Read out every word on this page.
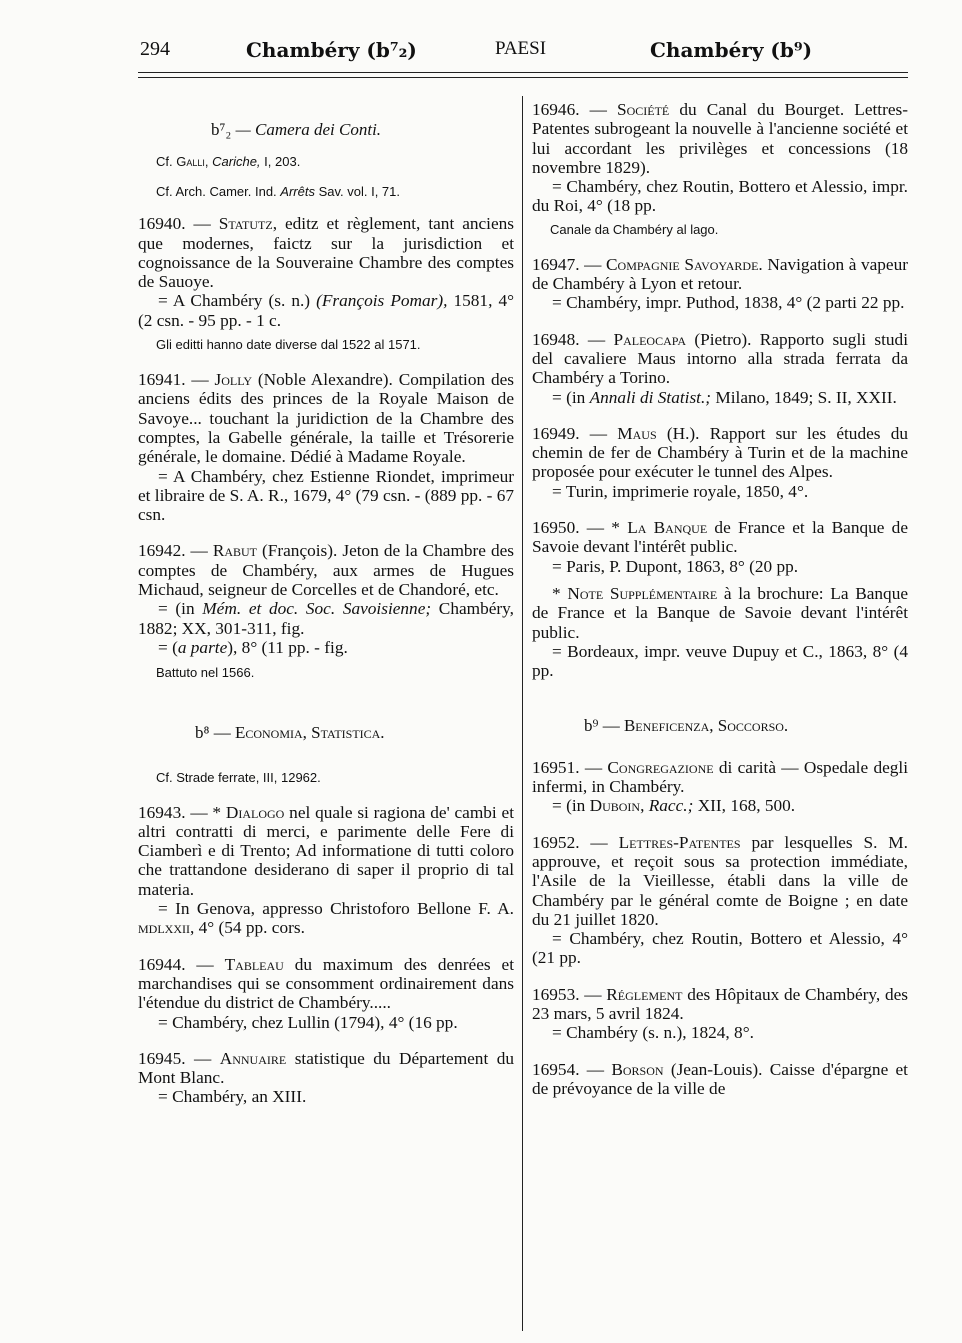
294	Chambéry (b⁷₂)	PAESI	Chambéry (b⁹)

b⁷₂ — Camera dei Conti.

Cf. Galli, Cariche, I, 203.

Cf. Arch. Camer. Ind. Arrêts Sav. vol. I, 71.

16940. — Statutz, editz et règlement, tant anciens que modernes, faictz sur la jurisdiction et cognoissance de la Souveraine Chambre des comptes de Sauoye.

= A Chambéry (s. n.) (François Pomar), 1581, 4° (2 csn. - 95 pp. - 1 c.

Gli editti hanno date diverse dal 1522 al 1571.

16941. — Jolly (Noble Alexandre). Compilation des anciens édits des princes de la Royale Maison de Savoye... touchant la juridiction de la Chambre des comptes, la Gabelle générale, la taille et Trésorerie générale, le domaine. Dédié à Madame Royale.

= A Chambéry, chez Estienne Riondet, imprimeur et libraire de S. A. R., 1679, 4° (79 csn. - (889 pp. - 67 csn.

16942. — Rabut (François). Jeton de la Chambre des comptes de Chambéry, aux armes de Hugues Michaud, seigneur de Corcelles et de Chandoré, etc.

= (in Mém. et doc. Soc. Savoisienne; Chambéry, 1882; XX, 301-311, fig.

= (a parte), 8° (11 pp. - fig.

Battuto nel 1566.

b⁸ — Economia, Statistica.

Cf. Strade ferrate, III, 12962.

16943. — * Dialogo nel quale si ragiona de' cambi et altri contratti di merci, e parimente delle Fere di Ciamberì e di Trento; Ad informatione di tutti coloro che trattandone desiderano di saper il proprio di tal materia.

= In Genova, appresso Christoforo Bellone F. A. mdlxxii, 4° (54 pp. cors.

16944. — Tableau du maximum des denrées et marchandises qui se consomment ordinairement dans l'étendue du district de Chambéry.....

= Chambéry, chez Lullin (1794), 4° (16 pp.

16945. — Annuaire statistique du Département du Mont Blanc.

= Chambéry, an XIII.

16946. — Société du Canal du Bourget. Lettres-Patentes subrogeant la nouvelle à l'ancienne société et lui accordant les privilèges et concessions (18 novembre 1829).

= Chambéry, chez Routin, Bottero et Alessio, impr. du Roi, 4° (18 pp.

Canale da Chambéry al lago.

16947. — Compagnie Savoyarde. Navigation à vapeur de Chambéry à Lyon et retour.

= Chambéry, impr. Puthod, 1838, 4° (2 parti 22 pp.

16948. — Paleocapa (Pietro). Rapporto sugli studi del cavaliere Maus intorno alla strada ferrata da Chambéry a Torino.

= (in Annali di Statist.; Milano, 1849; S. II, XXII.

16949. — Maus (H.). Rapport sur les études du chemin de fer de Chambéry à Turin et de la machine proposée pour exécuter le tunnel des Alpes.

= Turin, imprimerie royale, 1850, 4°.

16950. — * La Banque de France et la Banque de Savoie devant l'intérêt public.

= Paris, P. Dupont, 1863, 8° (20 pp.

* Note Supplémentaire à la brochure: La Banque de France et la Banque de Savoie devant l'intérêt public.

= Bordeaux, impr. veuve Dupuy et C., 1863, 8° (4 pp.

b⁹ — Beneficenza, Soccorso.

16951. — Congregazione di carità — Ospedale degli infermi, in Chambéry.

= (in Duboin, Racc.; XII, 168, 500.

16952. — Lettres-Patentes par lesquelles S. M. approuve, et reçoit sous sa protection immédiate, l'Asile de la Vieillesse, établi dans la ville de Chambéry par le général comte de Boigne ; en date du 21 juillet 1820.

= Chambéry, chez Routin, Bottero et Alessio, 4° (21 pp.

16953. — Réglement des Hôpitaux de Chambéry, des 23 mars, 5 avril 1824.

= Chambéry (s. n.), 1824, 8°.

16954. — Borson (Jean-Louis). Caisse d'épargne et de prévoyance de la ville de
